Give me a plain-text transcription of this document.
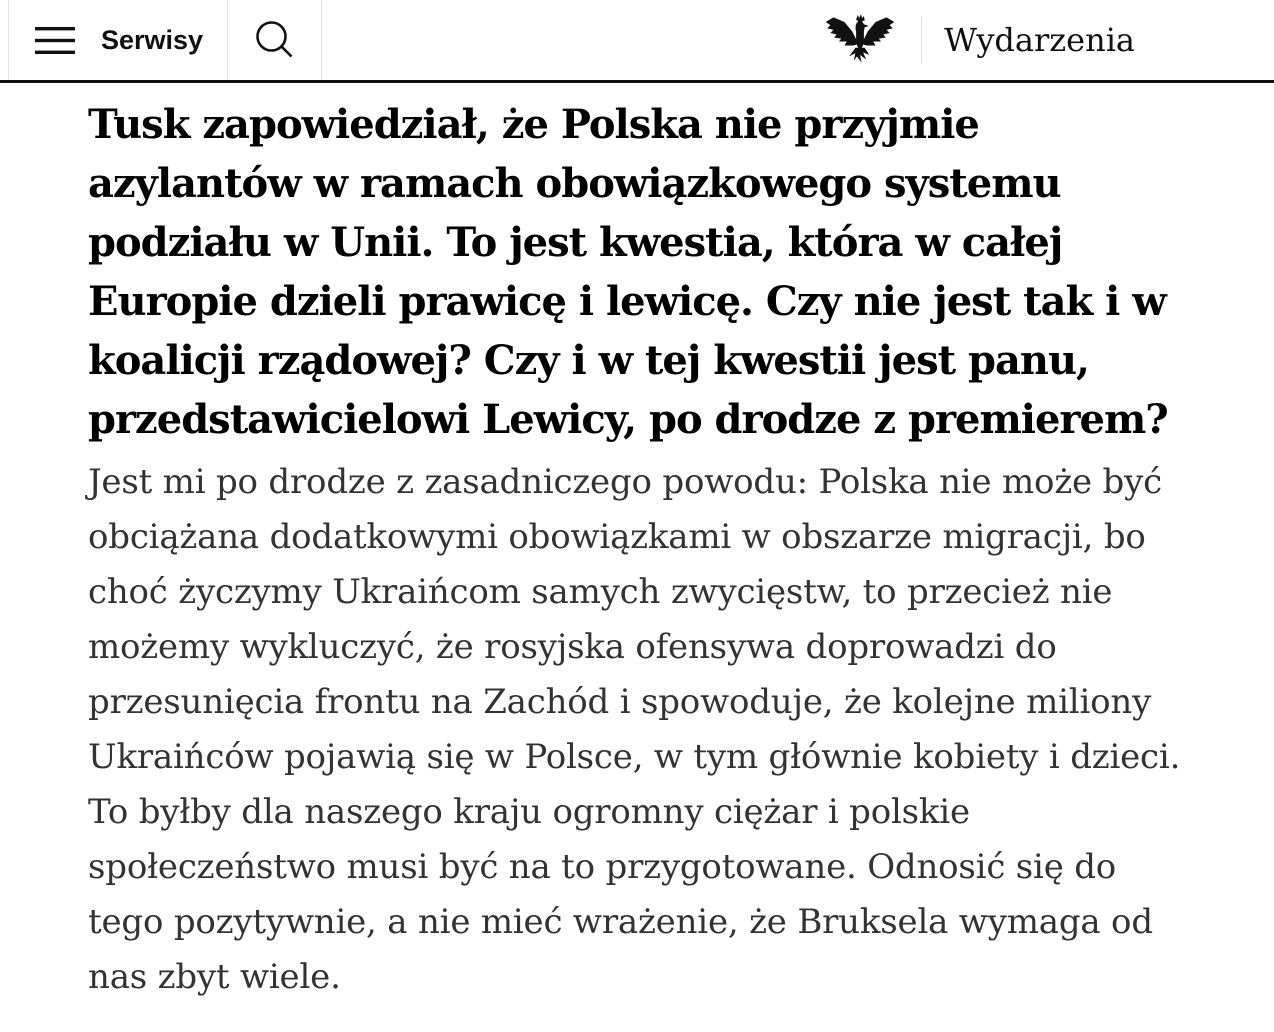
Serwisy	Wydarzenia
Tusk zapowiedział, że Polska nie przyjmie
azylantów w ramach obowiązkowego systemu
podziału w Unii. To jest kwestia, która w całej
Europie dzieli prawicę i lewicę. Czy nie jest tak i w
koalicji rządowej? Czy i w tej kwestii jest panu,
przedstawicielowi Lewicy, po drodze z premierem?
Jest mi po drodze z zasadniczego powodu: Polska nie może być
obciążana dodatkowymi obowiązkami w obszarze migracji, bo
choć życzymy Ukraińcom samych zwycięstw, to przecież nie
możemy wykluczyć, że rosyjska ofensywa doprowadzi do
przesunięcia frontu na Zachód i spowoduje, że kolejne miliony
Ukraińców pojawią się w Polsce, w tym głównie kobiety i dzieci.
To byłby dla naszego kraju ogromny ciężar i polskie
społeczeństwo musi być na to przygotowane. Odnosić się do
tego pozytywnie, a nie mieć wrażenie, że Bruksela wymaga od
nas zbyt wiele.
